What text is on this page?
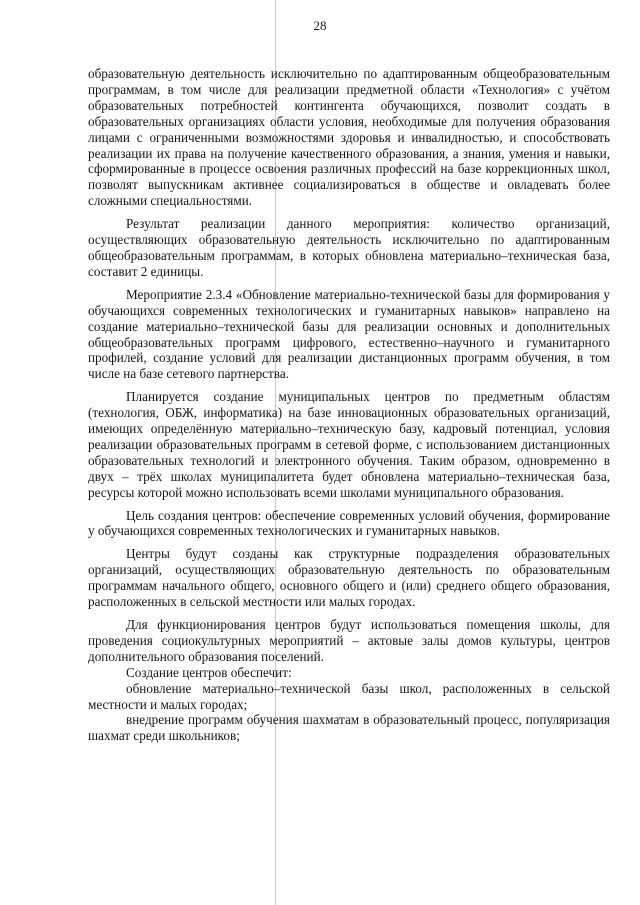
28

образовательную деятельность исключительно по адаптированным общеобразовательным программам, в том числе для реализации предметной области «Технология» с учётом образовательных потребностей контингента обучающихся, позволит создать в образовательных организациях области условия, необходимые для получения образования лицами с ограниченными возможностями здоровья и инвалидностью, и способствовать реализации их права на получение качественного образования, а знания, умения и навыки, сформированные в процессе освоения различных профессий на базе коррекционных школ, позволят выпускникам активнее социализироваться в обществе и овладевать более сложными специальностями.

Результат реализации данного мероприятия: количество организаций, осуществляющих образовательную деятельность исключительно по адаптированным общеобразовательным программам, в которых обновлена материально–техническая база, составит 2 единицы.

Мероприятие 2.3.4 «Обновление материально-технической базы для формирования у обучающихся современных технологических и гуманитарных навыков» направлено на создание материально–технической базы для реализации основных и дополнительных общеобразовательных программ цифрового, естественно–научного и гуманитарного профилей, создание условий для реализации дистанционных программ обучения, в том числе на базе сетевого партнерства.

Планируется создание муниципальных центров по предметным областям (технология, ОБЖ, информатика) на базе инновационных образовательных организаций, имеющих определённую материально–техническую базу, кадровый потенциал, условия реализации образовательных программ в сетевой форме, с использованием дистанционных образовательных технологий и электронного обучения. Таким образом, одновременно в двух – трёх школах муниципалитета будет обновлена материально–техническая база, ресурсы которой можно использовать всеми школами муниципального образования.

Цель создания центров: обеспечение современных условий обучения, формирование у обучающихся современных технологических и гуманитарных навыков.

Центры будут созданы как структурные подразделения образовательных организаций, осуществляющих образовательную деятельность по образовательным программам начального общего, основного общего и (или) среднего общего образования, расположенных в сельской местности или малых городах.

Для функционирования центров будут использоваться помещения школы, для проведения социокультурных мероприятий – актовые залы домов культуры, центров дополнительного образования поселений.

Создание центров обеспечит:

обновление материально–технической базы школ, расположенных в сельской местности и малых городах;

внедрение программ обучения шахматам в образовательный процесс, популяризация шахмат среди школьников;
